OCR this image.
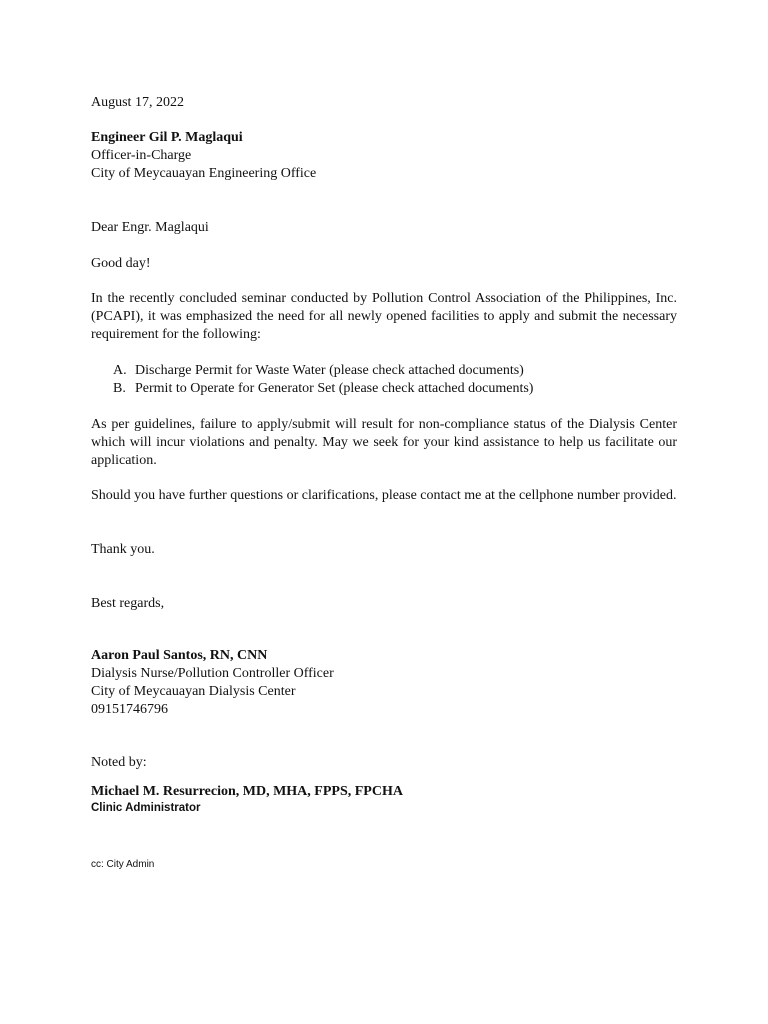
August 17, 2022
Engineer Gil P. Maglaqui
Officer-in-Charge
City of Meycauayan Engineering Office
Dear Engr. Maglaqui
Good day!
In the recently concluded seminar conducted by Pollution Control Association of the Philippines, Inc. (PCAPI), it was emphasized the need for all newly opened facilities to apply and submit the necessary requirement for the following:
A. Discharge Permit for Waste Water (please check attached documents)
B. Permit to Operate for Generator Set (please check attached documents)
As per guidelines, failure to apply/submit will result for non-compliance status of the Dialysis Center which will incur violations and penalty. May we seek for your kind assistance to help us facilitate our application.
Should you have further questions or clarifications, please contact me at the cellphone number provided.
Thank you.
Best regards,
Aaron Paul Santos, RN, CNN
Dialysis Nurse/Pollution Controller Officer
City of Meycauayan Dialysis Center
09151746796
Noted by:
Michael M. Resurrecion, MD, MHA, FPPS, FPCHA
Clinic Administrator
cc: City Admin
